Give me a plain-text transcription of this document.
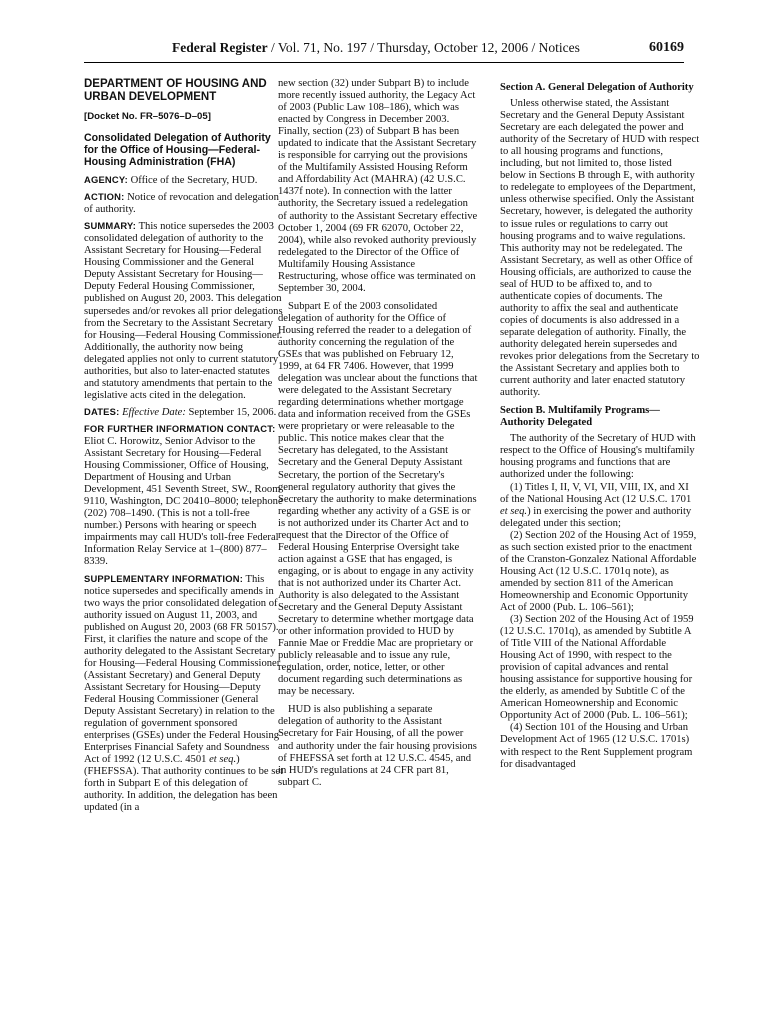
Federal Register / Vol. 71, No. 197 / Thursday, October 12, 2006 / Notices	60169
DEPARTMENT OF HOUSING AND URBAN DEVELOPMENT
[Docket No. FR–5076–D–05]
Consolidated Delegation of Authority for the Office of Housing—Federal-Housing Administration (FHA)

AGENCY: Office of the Secretary, HUD.

ACTION: Notice of revocation and delegation of authority.

SUMMARY: This notice supersedes the 2003 consolidated delegation of authority to the Assistant Secretary for Housing—Federal Housing Commissioner and the General Deputy Assistant Secretary for Housing—Deputy Federal Housing Commissioner, published on August 20, 2003. This delegation supersedes and/or revokes all prior delegations from the Secretary to the Assistant Secretary for Housing—Federal Housing Commissioner. Additionally, the authority now being delegated applies not only to current statutory authorities, but also to later-enacted statutes and statutory amendments that pertain to the legislative acts cited in the delegation.

DATES: Effective Date: September 15, 2006.

FOR FURTHER INFORMATION CONTACT: Eliot C. Horowitz, Senior Advisor to the Assistant Secretary for Housing—Federal Housing Commissioner, Office of Housing, Department of Housing and Urban Development, 451 Seventh Street, SW., Room 9110, Washington, DC 20410–8000; telephone (202) 708–1490. (This is not a toll-free number.) Persons with hearing or speech impairments may call HUD's toll-free Federal Information Relay Service at 1–(800) 877–8339.

SUPPLEMENTARY INFORMATION: This notice supersedes and specifically amends in two ways the prior consolidated delegation of authority issued on August 11, 2003, and published on August 20, 2003 (68 FR 50157). First, it clarifies the nature and scope of the authority delegated to the Assistant Secretary for Housing—Federal Housing Commissioner (Assistant Secretary) and General Deputy Assistant Secretary for Housing—Deputy Federal Housing Commissioner (General Deputy Assistant Secretary) in relation to the regulation of government sponsored enterprises (GSEs) under the Federal Housing Enterprises Financial Safety and Soundness Act of 1992 (12 U.S.C. 4501 et seq.) (FHEFSSA). That authority continues to be set forth in Subpart E of this delegation of authority. In addition, the delegation has been updated (in a

new section (32) under Subpart B) to include more recently issued authority, the Legacy Act of 2003 (Public Law 108–186), which was enacted by Congress in December 2003. Finally, section (23) of Subpart B has been updated to indicate that the Assistant Secretary is responsible for carrying out the provisions of the Multifamily Assisted Housing Reform and Affordability Act (MAHRA) (42 U.S.C. 1437f note). In connection with the latter authority, the Secretary issued a redelegation of authority to the Assistant Secretary effective October 1, 2004 (69 FR 62070, October 22, 2004), while also revoked authority previously redelegated to the Director of the Office of Multifamily Housing Assistance Restructuring, whose office was terminated on September 30, 2004.

Subpart E of the 2003 consolidated delegation of authority for the Office of Housing referred the reader to a delegation of authority concerning the regulation of the GSEs that was published on February 12, 1999, at 64 FR 7406. However, that 1999 delegation was unclear about the functions that were delegated to the Assistant Secretary regarding determinations whether mortgage data and information received from the GSEs were proprietary or were releasable to the public. This notice makes clear that the Secretary has delegated, to the Assistant Secretary and the General Deputy Assistant Secretary, the portion of the Secretary's general regulatory authority that gives the Secretary the authority to make determinations regarding whether any activity of a GSE is or is not authorized under its Charter Act and to request that the Director of the Office of Federal Housing Enterprise Oversight take action against a GSE that has engaged, is engaging, or is about to engage in any activity that is not authorized under its Charter Act. Authority is also delegated to the Assistant Secretary and the General Deputy Assistant Secretary to determine whether mortgage data or other information provided to HUD by Fannie Mae or Freddie Mac are proprietary or publicly releasable and to issue any rule, regulation, order, notice, letter, or other document regarding such determinations as may be necessary.

HUD is also publishing a separate delegation of authority to the Assistant Secretary for Fair Housing, of all the power and authority under the fair housing provisions of FHEFSSA set forth at 12 U.S.C. 4545, and in HUD's regulations at 24 CFR part 81, subpart C.

Section A. General Delegation of Authority

Unless otherwise stated, the Assistant Secretary and the General Deputy Assistant Secretary are each delegated the power and authority of the Secretary of HUD with respect to all housing programs and functions, including, but not limited to, those listed below in Sections B through E, with authority to redelegate to employees of the Department, unless otherwise specified. Only the Assistant Secretary, however, is delegated the authority to issue rules or regulations to carry out housing programs and to waive regulations. This authority may not be redelegated. The Assistant Secretary, as well as other Office of Housing officials, are authorized to cause the seal of HUD to be affixed to, and to authenticate copies of documents. The authority to affix the seal and authenticate copies of documents is also addressed in a separate delegation of authority. Finally, the authority delegated herein supersedes and revokes prior delegations from the Secretary to the Assistant Secretary and applies both to current authority and later enacted statutory authority.

Section B. Multifamily Programs—Authority Delegated

The authority of the Secretary of HUD with respect to the Office of Housing's multifamily housing programs and functions that are authorized under the following:

(1) Titles I, II, V, VI, VII, VIII, IX, and XI of the National Housing Act (12 U.S.C. 1701 et seq.) in exercising the power and authority delegated under this section;

(2) Section 202 of the Housing Act of 1959, as such section existed prior to the enactment of the Cranston-Gonzalez National Affordable Housing Act (12 U.S.C. 1701q note), as amended by section 811 of the American Homeownership and Economic Opportunity Act of 2000 (Pub. L. 106–561);

(3) Section 202 of the Housing Act of 1959 (12 U.S.C. 1701q), as amended by Subtitle A of Title VIII of the National Affordable Housing Act of 1990, with respect to the provision of capital advances and rental housing assistance for supportive housing for the elderly, as amended by Subtitle C of the American Homeownership and Economic Opportunity Act of 2000 (Pub. L. 106–561);

(4) Section 101 of the Housing and Urban Development Act of 1965 (12 U.S.C. 1701s) with respect to the Rent Supplement program for disadvantaged
